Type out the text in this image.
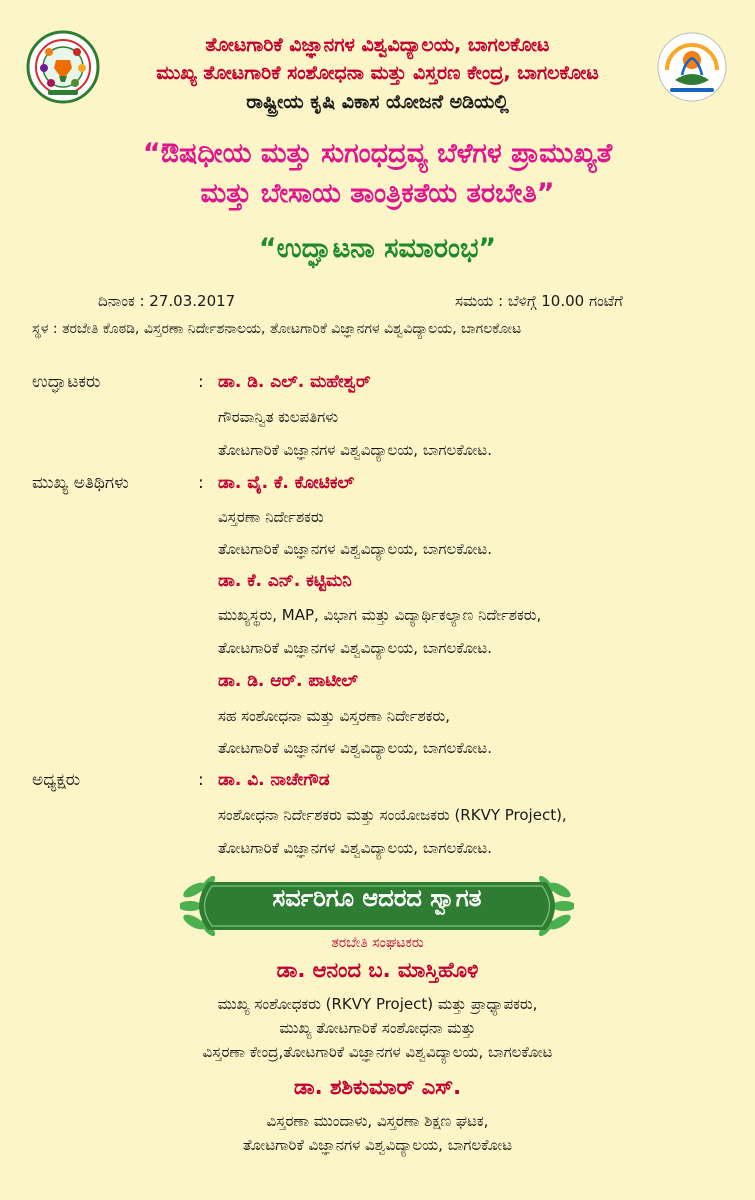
ತೋಟಗಾರಿಕೆ ವಿಜ್ಞಾನಗಳ ವಿಶ್ವವಿದ್ಯಾಲಯ, ಬಾಗಲಕೋಟ
ಮುಖ್ಯ ತೋಟಗಾರಿಕೆ ಸಂಶೋಧನಾ ಮತ್ತು ವಿಸ್ತರಣ ಕೇಂದ್ರ, ಬಾಗಲಕೋಟ
ರಾಷ್ಟ್ರೀಯ ಕೃಷಿ ವಿಕಾಸ ಯೋಜನೆ ಅಡಿಯಲ್ಲಿ
“ಔಷಧೀಯ ಮತ್ತು ಸುಗಂಧದ್ರವ್ಯ ಬೆಳೆಗಳ ಪ್ರಾಮುಖ್ಯತೆ
ಮತ್ತು ಬೇಸಾಯ ತಾಂತ್ರಿಕತೆಯ ತರಬೇತಿ”
“ಉದ್ಘಾಟನಾ ಸಮಾರಂಭ”
ದಿನಾಂಕ : 27.03.2017	ಸಮಯ : ಬೆಳಿಗ್ಗೆ 10.00 ಗಂಟೆಗೆ
ಸ್ಥಳ : ತರಬೇತಿ ಕೊಠಡಿ, ವಿಸ್ತರಣಾ ನಿರ್ದೇಶನಾಲಯ, ತೋಟಗಾರಿಕೆ ವಿಜ್ಞಾನಗಳ ವಿಶ್ವವಿದ್ಯಾಲಯ, ಬಾಗಲಕೋಟ
ಉದ್ಘಾಟಕರು	: ಡಾ. ಡಿ. ಎಲ್. ಮಹೇಶ್ವರ್
ಗೌರವಾನ್ವಿತ ಕುಲಪತಿಗಳು
ತೋಟಗಾರಿಕೆ ವಿಜ್ಞಾನಗಳ ವಿಶ್ವವಿದ್ಯಾಲಯ, ಬಾಗಲಕೋಟ.
ಮುಖ್ಯ ಅತಿಥಿಗಳು	: ಡಾ. ವೈ. ಕೆ. ಕೋಟಿಕಲ್
ವಿಸ್ತರಣಾ ನಿರ್ದೇಶಕರು
ತೋಟಗಾರಿಕೆ ವಿಜ್ಞಾನಗಳ ವಿಶ್ವವಿದ್ಯಾಲಯ, ಬಾಗಲಕೋಟ.
ಡಾ. ಕೆ. ಎನ್. ಕಟ್ಟಿಮನಿ
ಮುಖ್ಯಸ್ಥರು, MAP, ವಿಭಾಗ ಮತ್ತು ವಿದ್ಯಾರ್ಥಿಕಲ್ಯಾಣ ನಿರ್ದೇಶಕರು,
ತೋಟಗಾರಿಕೆ ವಿಜ್ಞಾನಗಳ ವಿಶ್ವವಿದ್ಯಾಲಯ, ಬಾಗಲಕೋಟ.
ಡಾ. ಡಿ. ಆರ್. ಪಾಟೀಲ್
ಸಹ ಸಂಶೋಧನಾ ಮತ್ತು ವಿಸ್ತರಣಾ ನಿರ್ದೇಶಕರು,
ತೋಟಗಾರಿಕೆ ವಿಜ್ಞಾನಗಳ ವಿಶ್ವವಿದ್ಯಾಲಯ, ಬಾಗಲಕೋಟ.
ಅಧ್ಯಕ್ಷರು	: ಡಾ. ವಿ. ನಾಚೇಗೌಡ
ಸಂಶೋಧನಾ ನಿರ್ದೇಶಕರು ಮತ್ತು ಸಂಯೋಜಕರು (RKVY Project),
ತೋಟಗಾರಿಕೆ ವಿಜ್ಞಾನಗಳ ವಿಶ್ವವಿದ್ಯಾಲಯ, ಬಾಗಲಕೋಟ.
ಸರ್ವರಿಗೂ ಆದರದ ಸ್ವಾಗತ
ತರಬೇತಿ ಸಂಘಟಕರು
ಡಾ. ಆನಂದ ಬ. ಮಾಸ್ತಿಹೊಳಿ
ಮುಖ್ಯ ಸಂಶೋಧಕರು (RKVY Project) ಮತ್ತು ಪ್ರಾಧ್ಯಾಪಕರು,
ಮುಖ್ಯ ತೋಟಗಾರಿಕೆ ಸಂಶೋಧನಾ ಮತ್ತು
ವಿಸ್ತರಣಾ ಕೇಂದ್ರ,ತೋಟಗಾರಿಕೆ ವಿಜ್ಞಾನಗಳ ವಿಶ್ವವಿದ್ಯಾಲಯ, ಬಾಗಲಕೋಟ
ಡಾ. ಶಶಿಕುಮಾರ್ ಎಸ್.
ವಿಸ್ತರಣಾ ಮುಂದಾಳು, ವಿಸ್ತರಣಾ ಶಿಕ್ಷಣ ಘಟಕ,
ತೋಟಗಾರಿಕೆ ವಿಜ್ಞಾನಗಳ ವಿಶ್ವವಿದ್ಯಾಲಯ, ಬಾಗಲಕೋಟ
